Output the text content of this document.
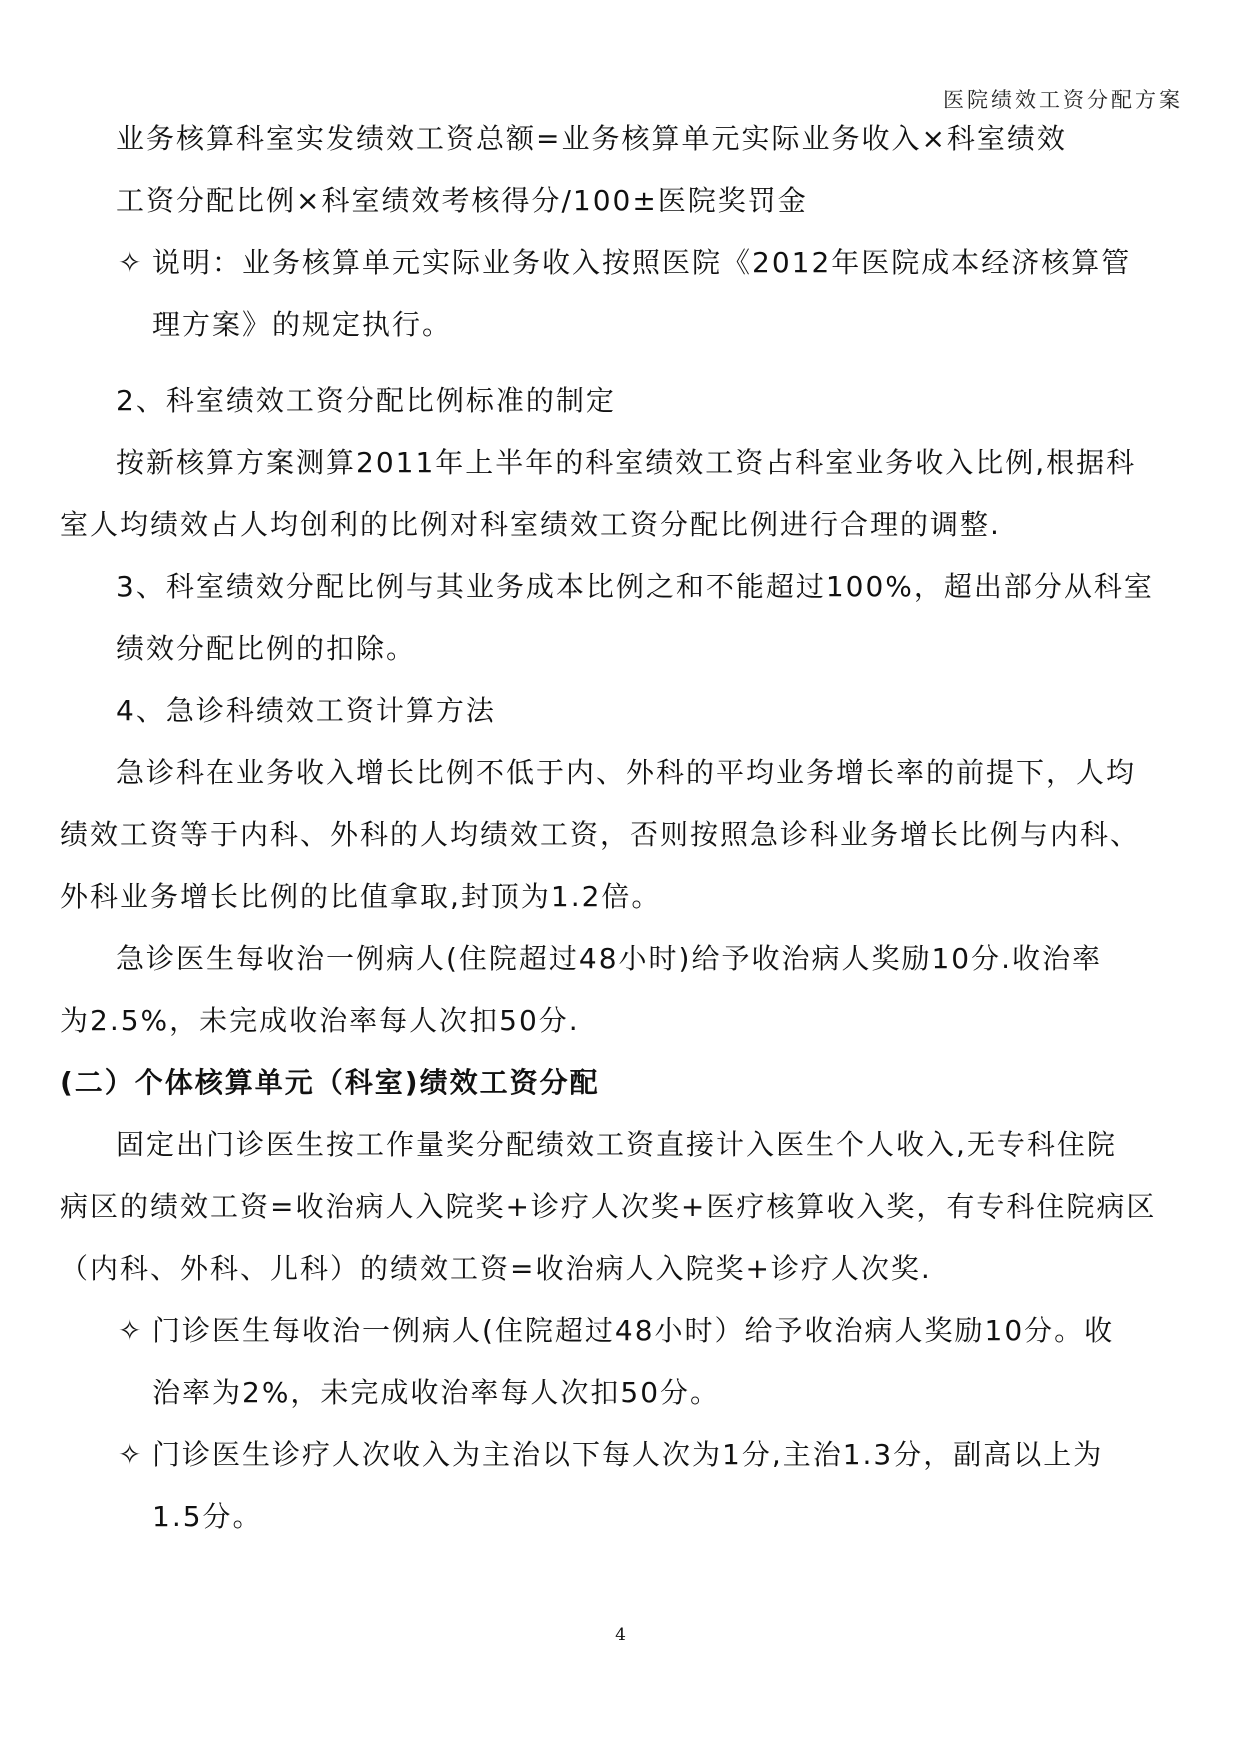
医院绩效工资分配方案

业务核算科室实发绩效工资总额=业务核算单元实际业务收入×科室绩效

工资分配比例×科室绩效考核得分/100±医院奖罚金

✧ 说明：业务核算单元实际业务收入按照医院《2012年医院成本经济核算管

理方案》的规定执行。

2、科室绩效工资分配比例标准的制定

按新核算方案测算2011年上半年的科室绩效工资占科室业务收入比例,根据科

室人均绩效占人均创利的比例对科室绩效工资分配比例进行合理的调整.

3、科室绩效分配比例与其业务成本比例之和不能超过100%，超出部分从科室

绩效分配比例的扣除。

4、急诊科绩效工资计算方法

急诊科在业务收入增长比例不低于内、外科的平均业务增长率的前提下，人均

绩效工资等于内科、外科的人均绩效工资，否则按照急诊科业务增长比例与内科、

外科业务增长比例的比值拿取,封顶为1.2倍。

急诊医生每收治一例病人(住院超过48小时)给予收治病人奖励10分.收治率

为2.5%，未完成收治率每人次扣50分.

(二）个体核算单元（科室)绩效工资分配

固定出门诊医生按工作量奖分配绩效工资直接计入医生个人收入,无专科住院

病区的绩效工资=收治病人入院奖+诊疗人次奖+医疗核算收入奖，有专科住院病区

（内科、外科、儿科）的绩效工资=收治病人入院奖+诊疗人次奖.

✧ 门诊医生每收治一例病人(住院超过48小时）给予收治病人奖励10分。收

治率为2%，未完成收治率每人次扣50分。

✧ 门诊医生诊疗人次收入为主治以下每人次为1分,主治1.3分，副高以上为

1.5分。

4
